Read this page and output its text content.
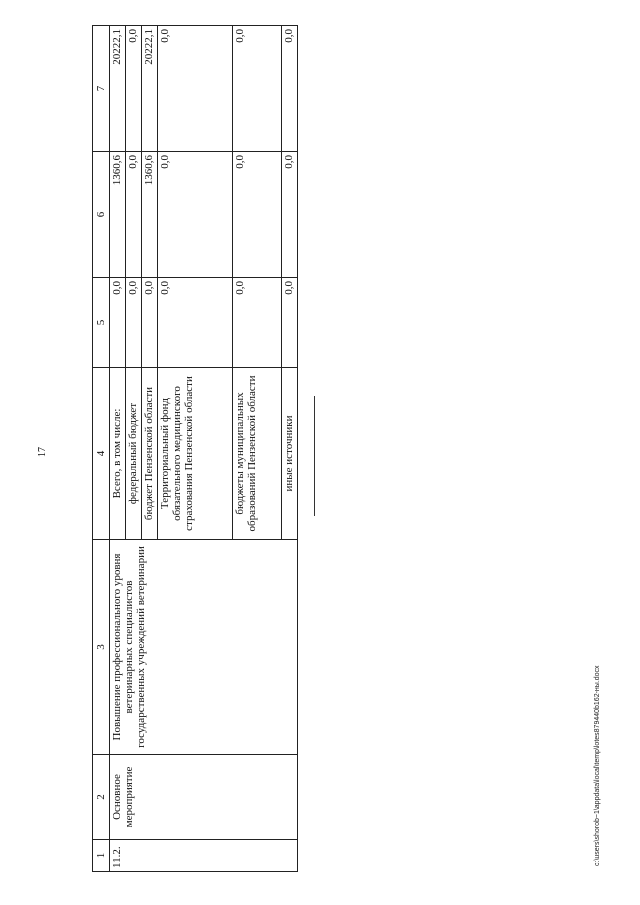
17
1	2	3	4	5	6	7
11.2.	Основное мероприятие	Повышение профессионального уровня ветеринарных специалистов государственных учреждений ветеринарии	Всего, в том числе:	0,0	1360,6	20222,1
			федеральный бюджет	0,0	0,0	0,0
			бюджет Пензенской области	0,0	1360,6	20222,1
			Территориальный фонд обязательного медицинского страхования Пензенской области	0,0	0,0	0,0
			бюджеты муниципальных образований Пензенской области	0,0	0,0	0,0
			иные источники	0,0	0,0	0,0
c:\users\shorob~1\appdata\local\temp\lotes879440b162-ны.docx
